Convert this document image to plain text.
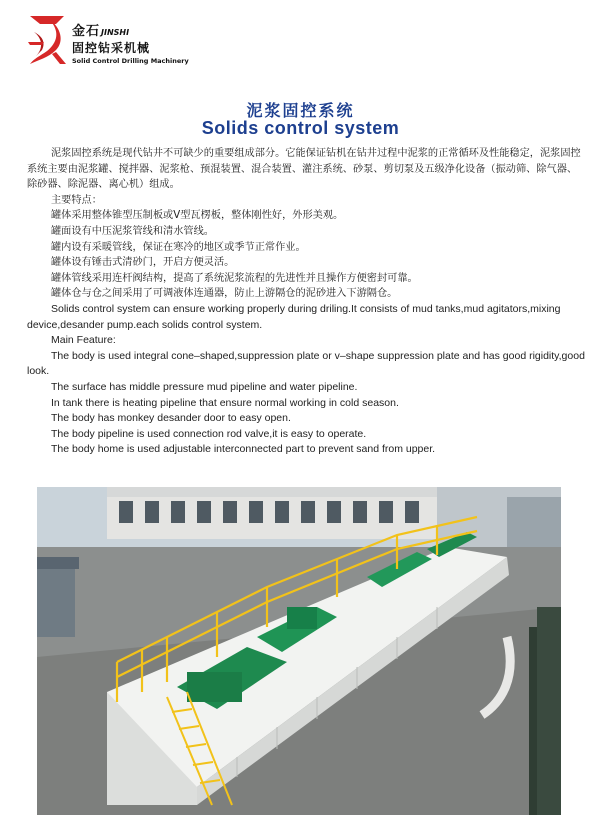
金石JINSHI
固控钻采机械
Solid Control Drilling Machinery
泥浆固控系统
Solids control system

泥浆固控系统是现代钻井不可缺少的重要组成部分。它能保证钻机在钻井过程中泥浆的正常循环及性能稳定，泥浆固控系统主要由泥浆罐、搅拌器、泥浆枪、预混装置、混合装置、灌注系统、砂泵、剪切泵及五级净化设备（振动筛、除气器、除砂器、除泥器、离心机）组成。

主要特点：

罐体采用整体锥型压制板或V型瓦楞板，整体刚性好，外形美观。

罐面设有中压泥浆管线和清水管线。

罐内设有采暖管线，保证在寒冷的地区或季节正常作业。

罐体设有锤击式清砂门，开启方便灵活。

罐体管线采用连杆阀结构，提高了系统泥浆流程的先进性并且操作方便密封可靠。

罐体仓与仓之间采用了可调液体连通器，防止上游隔仓的泥砂进入下游隔仓。

Solids control system can ensure working properly during driling.It consists of mud tanks,mud agitators,mixing device,desander pump.each solids control system.

Main Feature:

The body is used integral cone–shaped,suppression plate or v–shape suppression plate and has good rigidity,good look.

The surface has middle pressure mud pipeline and water pipeline.

In tank there is heating pipeline that ensure normal working in cold season.

The body has monkey desander door to easy open.

The body pipeline is used connection rod valve,it is easy to operate.

The body home is used adjustable interconnected part to prevent sand from upper.
